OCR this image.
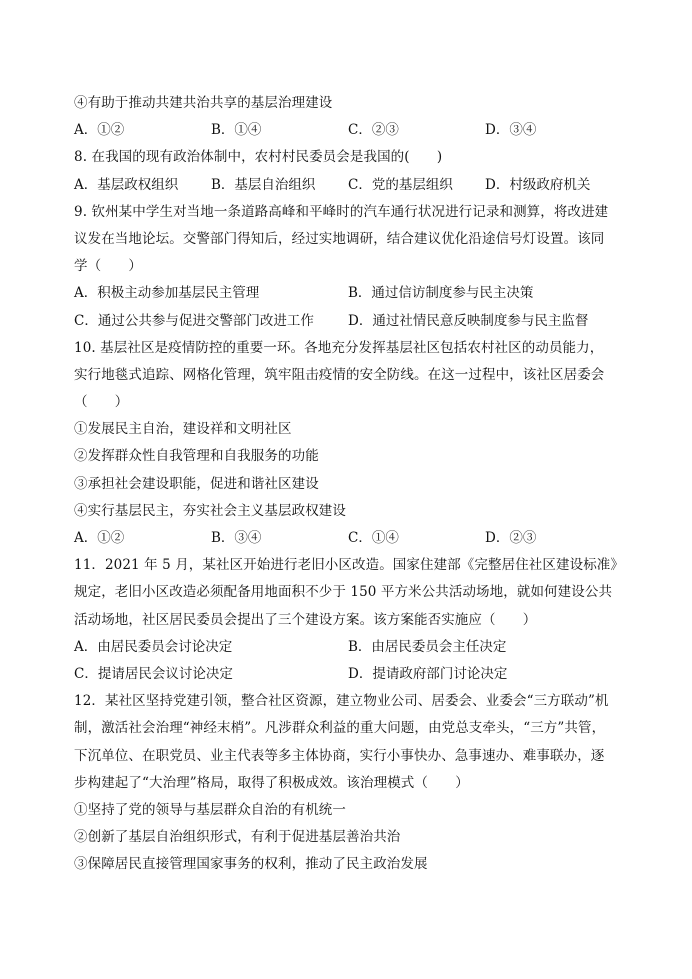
④有助于推动共建共治共享的基层治理建设
A．①②	B．①④	C．②③	D．③④
8. 在我国的现有政治体制中，农村村民委员会是我国的(　　)
A．基层政权组织	B．基层自治组织	C．党的基层组织	D．村级政府机关
9. 钦州某中学生对当地一条道路高峰和平峰时的汽车通行状况进行记录和测算，将改进建
议发在当地论坛。交警部门得知后，经过实地调研，结合建议优化沿途信号灯设置。该同
学（　　）
A．积极主动参加基层民主管理	B．通过信访制度参与民主决策
C．通过公共参与促进交警部门改进工作	D．通过社情民意反映制度参与民主监督
10. 基层社区是疫情防控的重要一环。各地充分发挥基层社区包括农村社区的动员能力，
实行地毯式追踪、网格化管理，筑牢阻击疫情的安全防线。在这一过程中，该社区居委会
（　　）
①发展民主自治，建设祥和文明社区
②发挥群众性自我管理和自我服务的功能
③承担社会建设职能，促进和谐社区建设
④实行基层民主，夯实社会主义基层政权建设
A．①②	B．③④	C．①④	D．②③
11．2021 年 5 月，某社区开始进行老旧小区改造。国家住建部《完整居住社区建设标准》
规定，老旧小区改造必须配备用地面积不少于 150 平方米公共活动场地，就如何建设公共
活动场地，社区居民委员会提出了三个建设方案。该方案能否实施应（　　）
A．由居民委员会讨论决定	B．由居民委员会主任决定
C．提请居民会议讨论决定	D．提请政府部门讨论决定
12．某社区坚持党建引领，整合社区资源，建立物业公司、居委会、业委会“三方联动”机
制，激活社会治理“神经末梢”。凡涉群众利益的重大问题，由党总支牵头，“三方”共管，
下沉单位、在职党员、业主代表等多主体协商，实行小事快办、急事速办、难事联办，逐
步构建起了“大治理”格局，取得了积极成效。该治理模式（　　）
①坚持了党的领导与基层群众自治的有机统一
②创新了基层自治组织形式，有利于促进基层善治共治
③保障居民直接管理国家事务的权利，推动了民主政治发展
